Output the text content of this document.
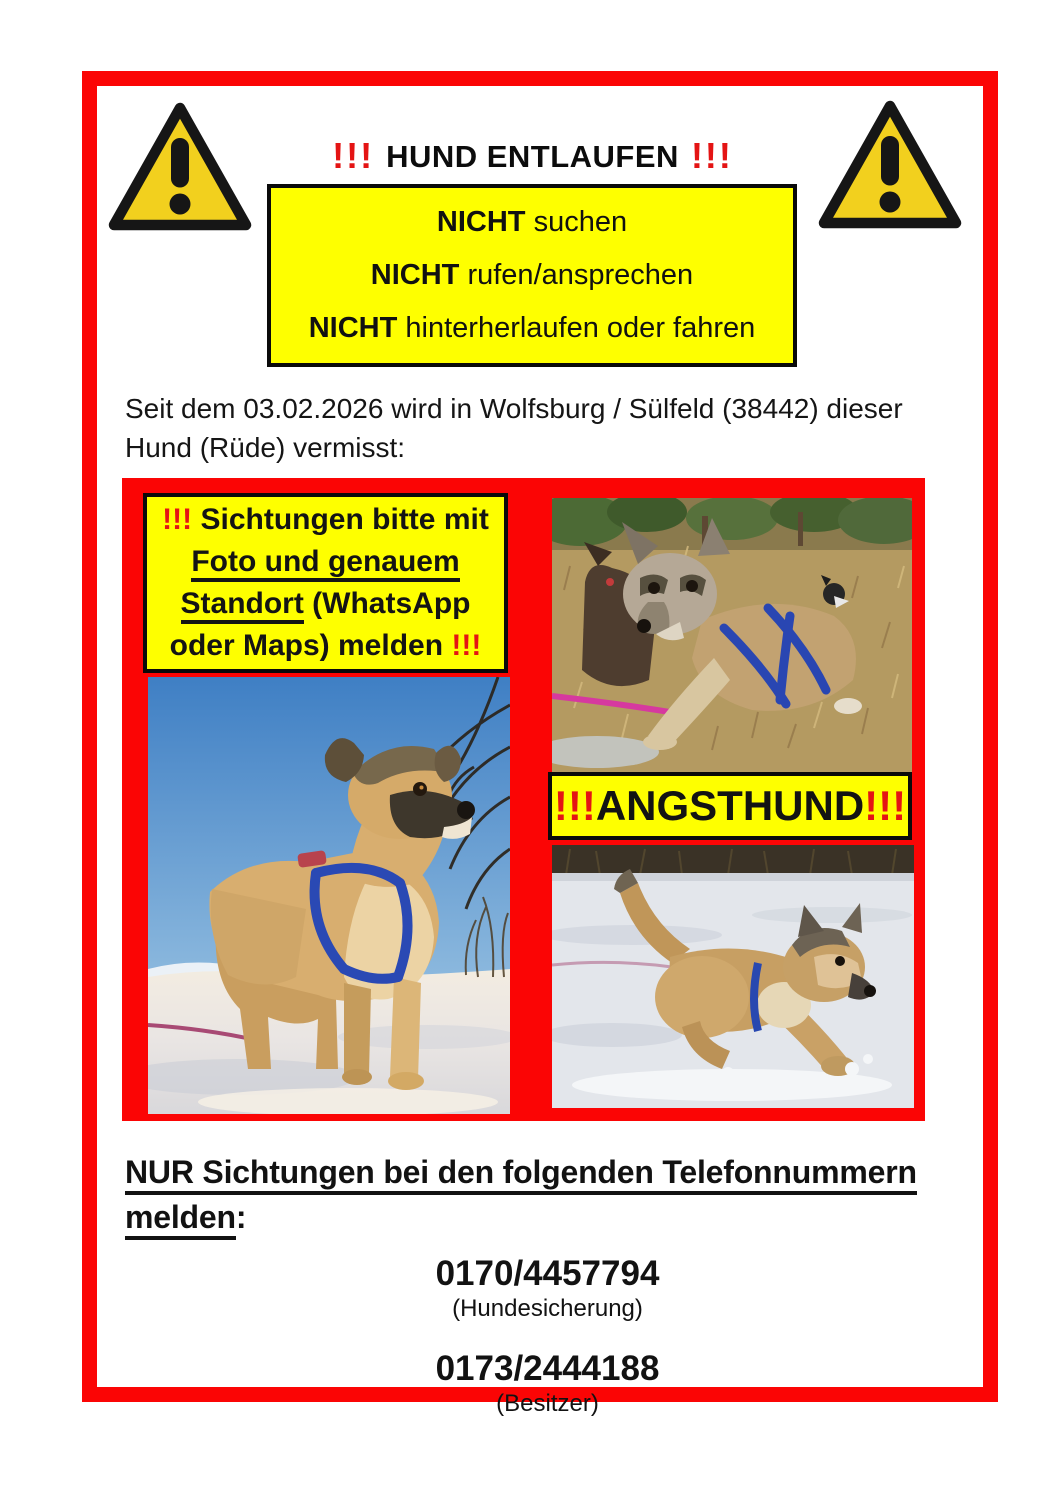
!!! HUND ENTLAUFEN !!!
NICHT suchen
NICHT rufen/ansprechen
NICHT hinterherlaufen oder fahren
Seit dem 03.02.2026 wird in Wolfsburg / Sülfeld (38442) dieser
Hund (Rüde) vermisst:
!!! Sichtungen bitte mit
Foto und genauem
Standort (WhatsApp
oder Maps) melden !!!
!!!ANGSTHUND!!!
NUR Sichtungen bei den folgenden Telefonnummern
melden:
0170/4457794
(Hundesicherung)
0173/2444188
(Besitzer)
